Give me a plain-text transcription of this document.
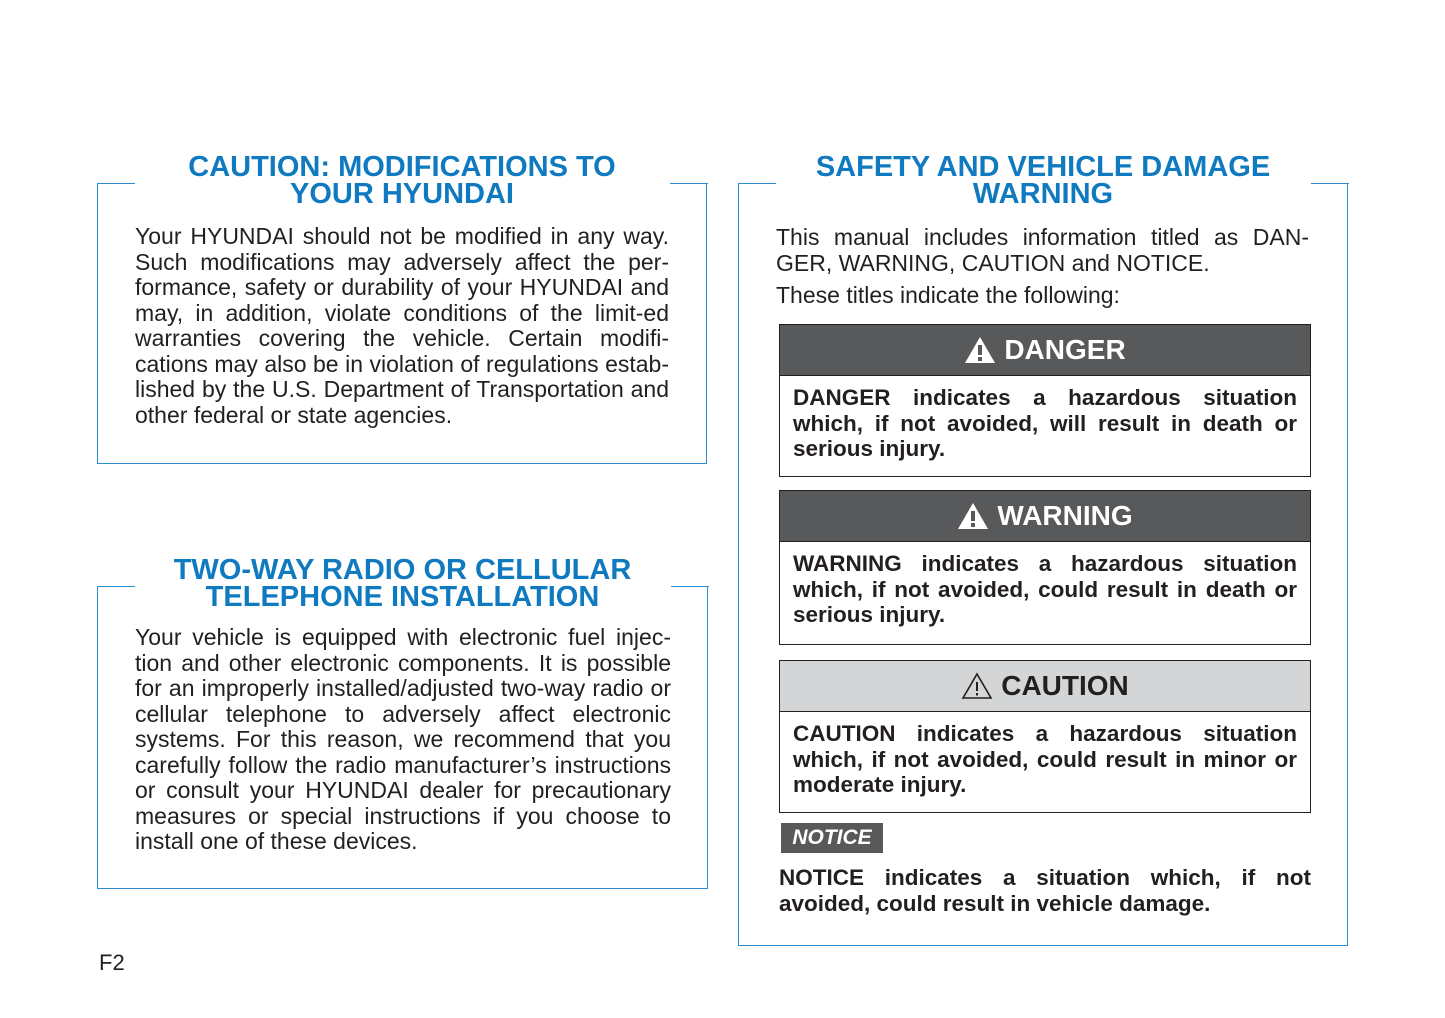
CAUTION: MODIFICATIONS TO
YOUR HYUNDAI

Your HYUNDAI should not be modified in any way. Such modifications may adversely affect the per-formance, safety or durability of your HYUNDAI and may, in addition, violate conditions of the limit-ed warranties covering the vehicle. Certain modifi-cations may also be in violation of regulations estab-lished by the U.S. Department of Transportation and other federal or state agencies.

TWO-WAY RADIO OR CELLULAR
TELEPHONE INSTALLATION

Your vehicle is equipped with electronic fuel injec-tion and other electronic components. It is possible for an improperly installed/adjusted two-way radio or cellular telephone to adversely affect electronic systems. For this reason, we recommend that you carefully follow the radio manufacturer’s instructions or consult your HYUNDAI dealer for precautionary measures or special instructions if you choose to install one of these devices.

SAFETY AND VEHICLE DAMAGE
WARNING

This manual includes information titled as DAN-GER, WARNING, CAUTION and NOTICE.

These titles indicate the following:

DANGER
DANGER indicates a hazardous situation which, if not avoided, will result in death or serious injury.
WARNING
WARNING indicates a hazardous situation which, if not avoided, could result in death or serious injury.
CAUTION
CAUTION indicates a hazardous situation which, if not avoided, could result in minor or moderate injury.
NOTICE

NOTICE indicates a situation which, if not avoided, could result in vehicle damage.

F2
